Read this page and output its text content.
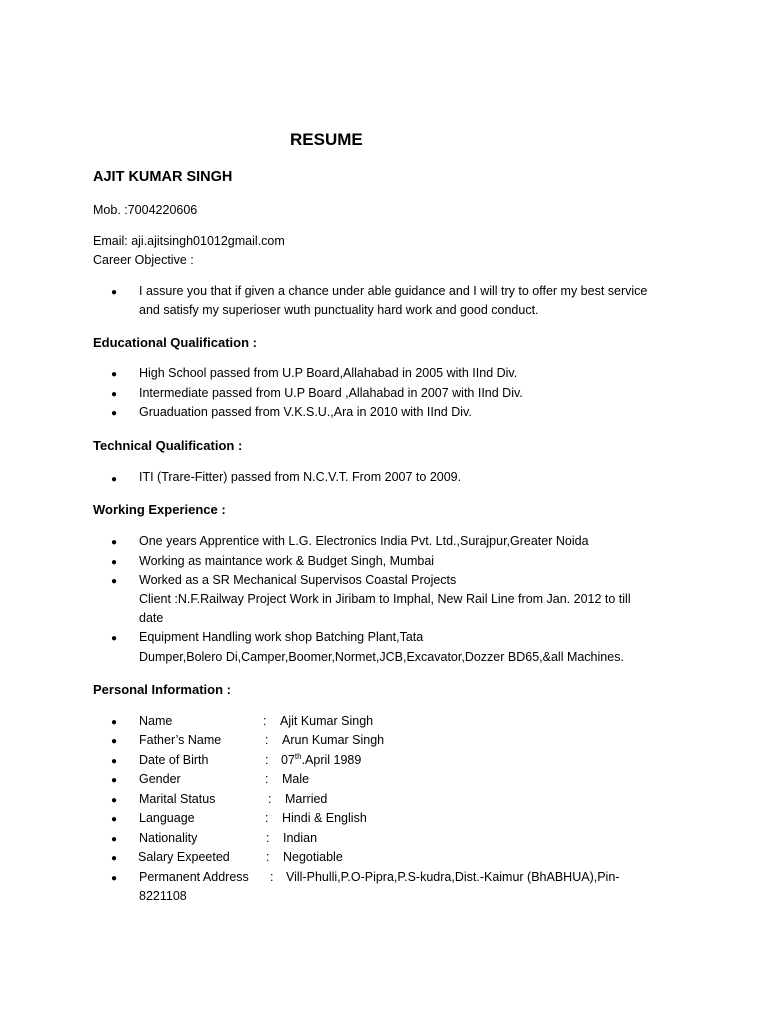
RESUME
AJIT KUMAR SINGH
Mob. :7004220606
Email: aji.ajitsingh01012gmail.com
Career Objective :
● I assure you that if given a chance under able guidance and I will try to offer my best service
and satisfy my superioser wuth punctuality hard work and good conduct.
Educational Qualification :
● High School passed from U.P Board,Allahabad in 2005 with IInd Div.
● Intermediate passed from U.P Board ,Allahabad in 2007 with IInd Div.
● Gruaduation passed from V.K.S.U.,Ara in 2010 with IInd Div.
Technical Qualification :
● ITI (Trare-Fitter) passed from N.C.V.T. From 2007 to 2009.
Working Experience :
● One years Apprentice with L.G. Electronics India Pvt. Ltd.,Surajpur,Greater Noida
● Working as maintance work & Budget Singh, Mumbai
● Worked as a SR Mechanical Supervisos Coastal Projects
Client :N.F.Railway Project Work in Jiribam to Imphal, New Rail Line from Jan. 2012 to till
date
● Equipment Handling work shop Batching Plant,Tata
Dumper,Bolero Di,Camper,Boomer,Normet,JCB,Excavator,Dozzer BD65,&all Machines.
Personal Information :
● Name	: Ajit Kumar Singh
● Father’s Name	: Arun Kumar Singh
● Date of Birth	: 07th.April 1989
● Gender	: Male
● Marital Status	: Married
● Language	: Hindi & English
● Nationality	: Indian
● Salary Expeeted	: Negotiable
● Permanent Address : Vill-Phulli,P.O-Pipra,P.S-kudra,Dist.-Kaimur (BhABHUA),Pin-
8221108
